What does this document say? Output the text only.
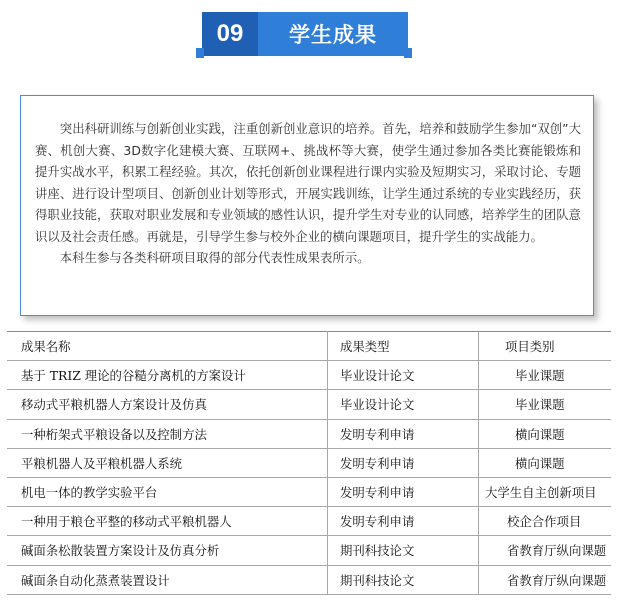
09	学生成果

突出科研训练与创新创业实践，注重创新创业意识的培养。首先，培养和鼓励学生参加“双创”大赛、机创大赛、3D数字化建模大赛、互联网+、挑战杯等大赛，使学生通过参加各类比赛能锻炼和提升实战水平，积累工程经验。其次，依托创新创业课程进行课内实验及短期实习，采取讨论、专题讲座、进行设计型项目、创新创业计划等形式，开展实践训练，让学生通过系统的专业实践经历，获得职业技能，获取对职业发展和专业领域的感性认识，提升学生对专业的认同感，培养学生的团队意识以及社会责任感。再就是，引导学生参与校外企业的横向课题项目，提升学生的实战能力。

本科生参与各类科研项目取得的部分代表性成果表所示。

成果名称	成果类型	项目类别
基于 TRIZ 理论的谷糙分离机的方案设计	毕业设计论文	毕业课题
移动式平粮机器人方案设计及仿真	毕业设计论文	毕业课题
一种桁架式平粮设备以及控制方法	发明专利申请	横向课题
平粮机器人及平粮机器人系统	发明专利申请	横向课题
机电一体的教学实验平台	发明专利申请	大学生自主创新项目
一种用于粮仓平整的移动式平粮机器人	发明专利申请	校企合作项目
碱面条松散装置方案设计及仿真分析	期刊科技论文	省教育厅纵向课题
碱面条自动化蒸煮装置设计	期刊科技论文	省教育厅纵向课题
